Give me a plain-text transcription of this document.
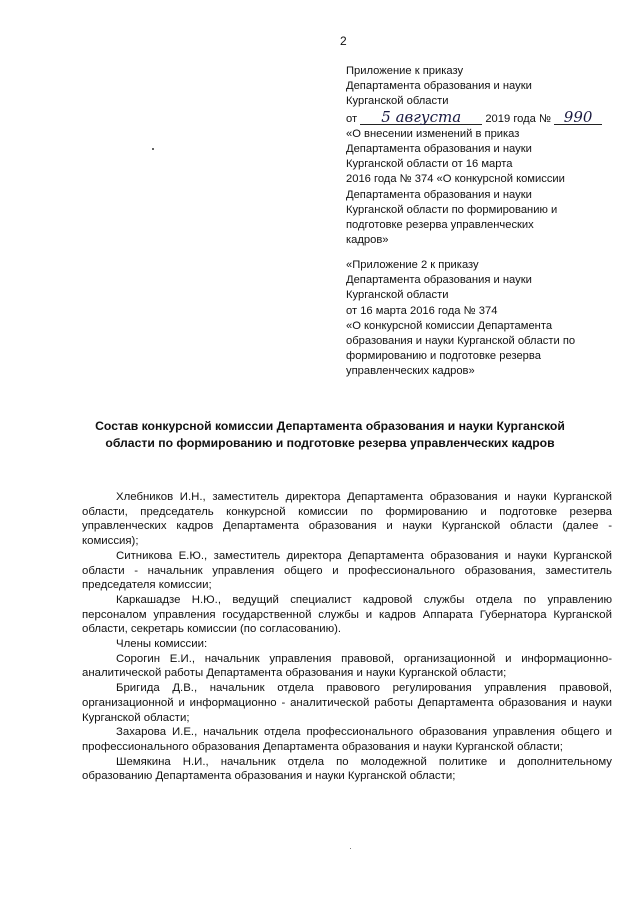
2
Приложение к приказу
Департамента образования и науки
Курганской области
от 5 августа 2019 года № 990
«О внесении изменений в приказ
Департамента образования и науки
Курганской области от 16 марта
2016 года № 374 «О конкурсной комиссии
Департамента образования и науки
Курганской области по формированию и
подготовке резерва управленческих
кадров»
«Приложение 2 к приказу
Департамента образования и науки
Курганской области
от 16 марта 2016 года № 374
«О конкурсной комиссии Департамента
образования и науки Курганской области по
формированию и подготовке резерва
управленческих кадров»
Состав конкурсной комиссии Департамента образования и науки Курганской области по формированию и подготовке резерва управленческих кадров

Хлебников И.Н., заместитель директора Департамента образования и науки Курганской области, председатель конкурсной комиссии по формированию и подготовке резерва управленческих кадров Департамента образования и науки Курганской области (далее - комиссия);

Ситникова Е.Ю., заместитель директора Департамента образования и науки Курганской области - начальник управления общего и профессионального образования, заместитель председателя комиссии;

Каркашадзе Н.Ю., ведущий специалист кадровой службы отдела по управлению персоналом управления государственной службы и кадров Аппарата Губернатора Курганской области, секретарь комиссии (по согласованию).

Члены комиссии:

Сорогин Е.И., начальник управления правовой, организационной и информационно-аналитической работы Департамента образования и науки Курганской области;

Бригида Д.В., начальник отдела правового регулирования управления правовой, организационной и информационно - аналитической работы Департамента образования и науки Курганской области;

Захарова И.Е., начальник отдела профессионального образования управления общего и профессионального образования Департамента образования и науки Курганской области;

Шемякина Н.И., начальник отдела по молодежной политике и дополнительному образованию Департамента образования и науки Курганской области;
